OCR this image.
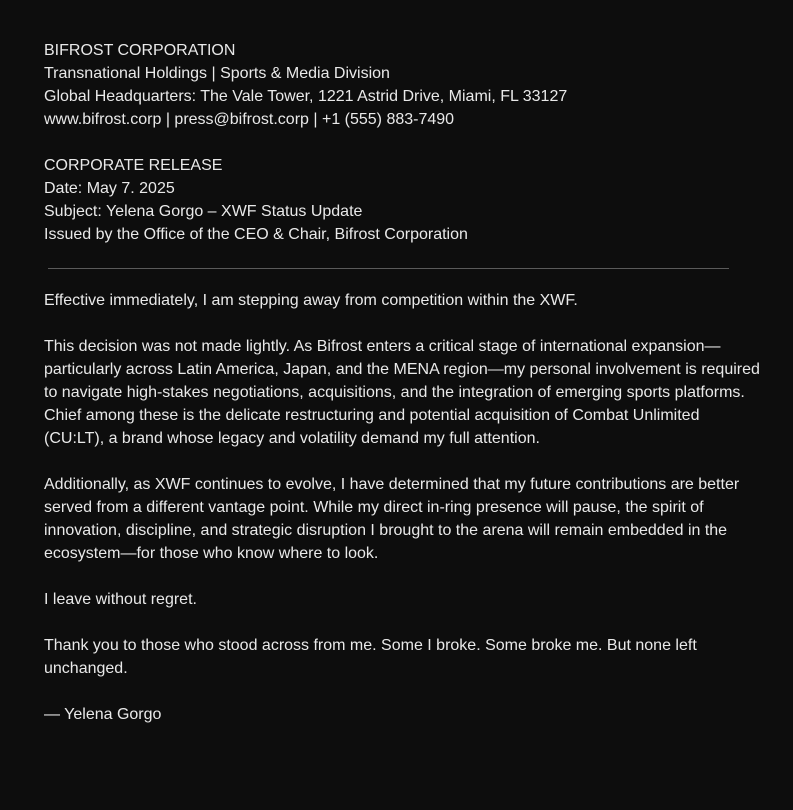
BIFROST CORPORATION
Transnational Holdings | Sports & Media Division
Global Headquarters: The Vale Tower, 1221 Astrid Drive, Miami, FL 33127
www.bifrost.corp | press@bifrost.corp | +1 (555) 883-7490
CORPORATE RELEASE
Date: May 7. 2025
Subject: Yelena Gorgo – XWF Status Update
Issued by the Office of the CEO & Chair, Bifrost Corporation

Effective immediately, I am stepping away from competition within the XWF.

This decision was not made lightly. As Bifrost enters a critical stage of international expansion—particularly across Latin America, Japan, and the MENA region—my personal involvement is required to navigate high-stakes negotiations, acquisitions, and the integration of emerging sports platforms. Chief among these is the delicate restructuring and potential acquisition of Combat Unlimited (CU:LT), a brand whose legacy and volatility demand my full attention.

Additionally, as XWF continues to evolve, I have determined that my future contributions are better served from a different vantage point. While my direct in-ring presence will pause, the spirit of innovation, discipline, and strategic disruption I brought to the arena will remain embedded in the ecosystem—for those who know where to look.

I leave without regret.

Thank you to those who stood across from me. Some I broke. Some broke me. But none left unchanged.

— Yelena Gorgo
